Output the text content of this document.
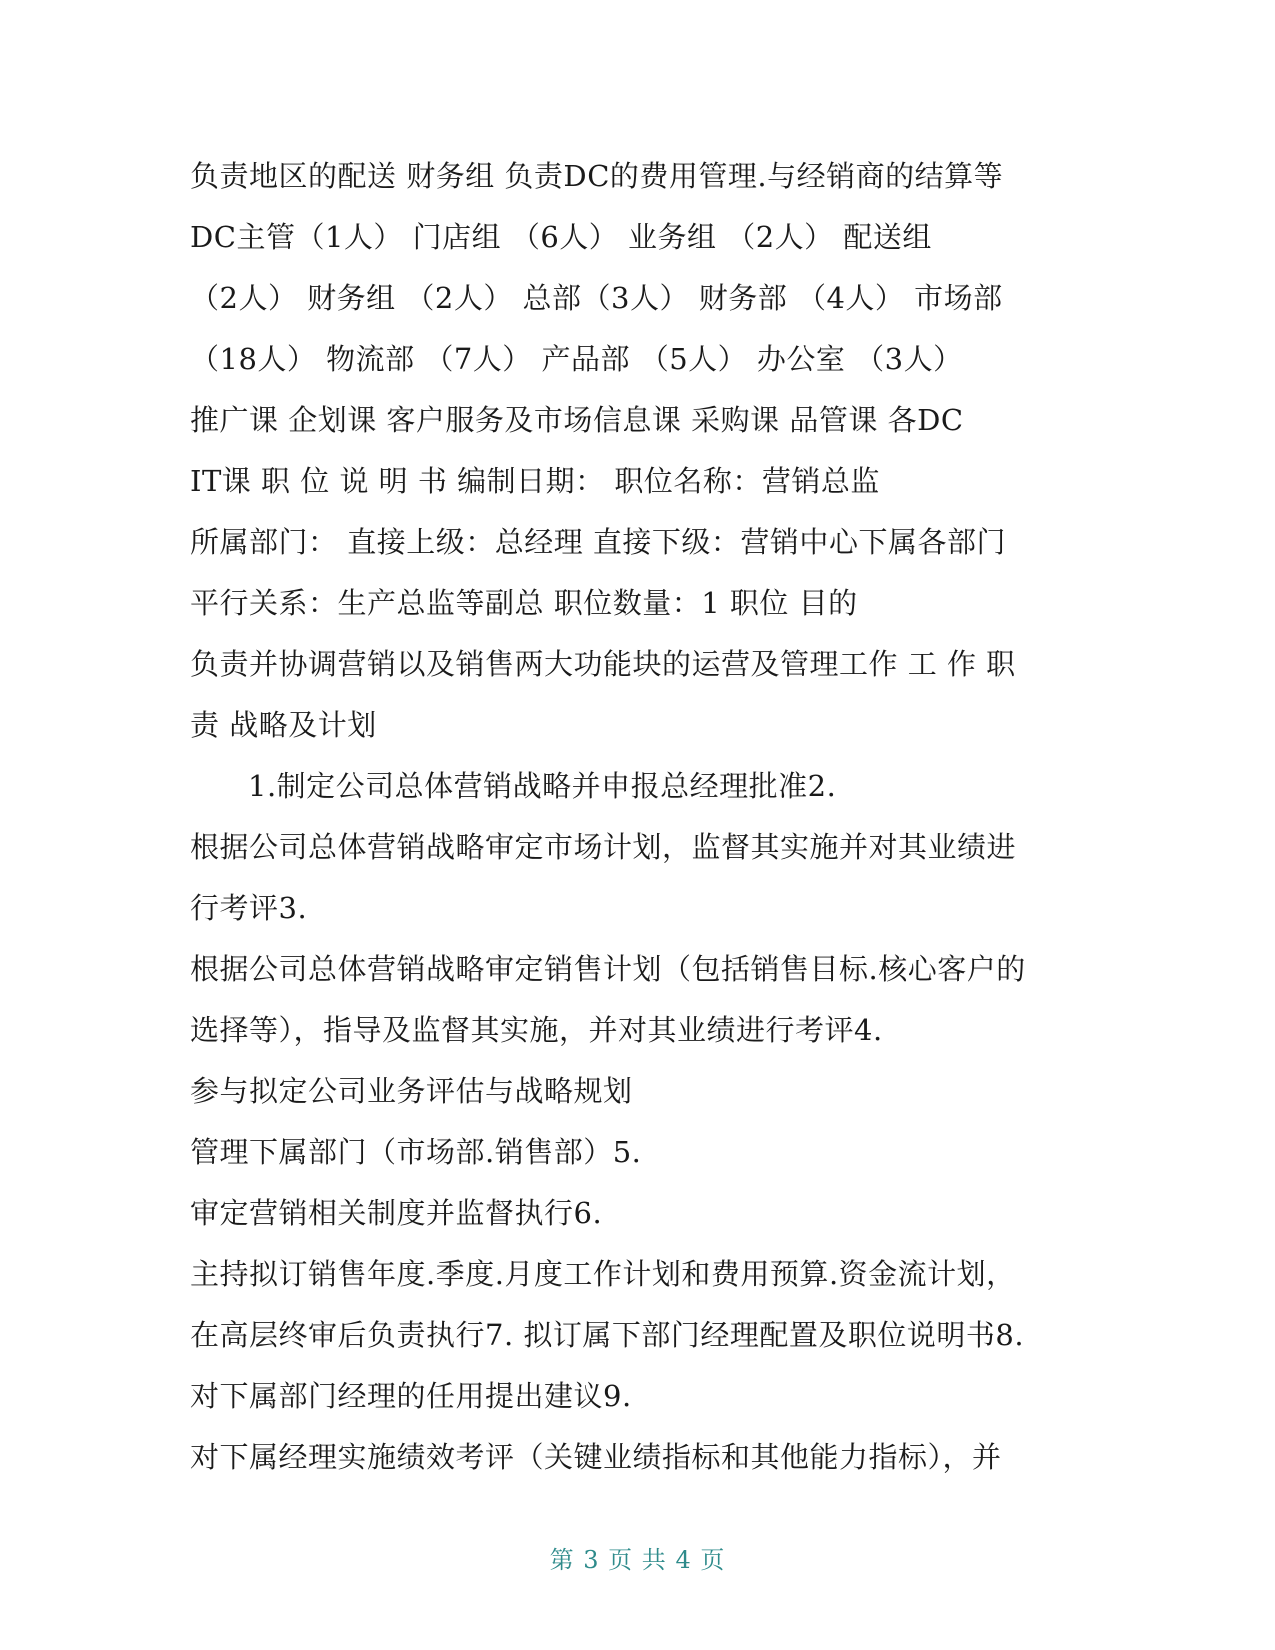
负责地区的配送 财务组 负责DC的费用管理.与经销商的结算等
DC主管（1人） 门店组 （6人） 业务组 （2人） 配送组
（2人） 财务组 （2人） 总部（3人） 财务部 （4人） 市场部
（18人） 物流部 （7人） 产品部 （5人） 办公室 （3人）
推广课 企划课 客户服务及市场信息课 采购课 品管课 各DC
IT课 职 位 说 明 书 编制日期： 职位名称：营销总监
所属部门： 直接上级：总经理 直接下级：营销中心下属各部门
平行关系：生产总监等副总 职位数量：1 职位 目的
负责并协调营销以及销售两大功能块的运营及管理工作 工 作 职
责 战略及计划
1.制定公司总体营销战略并申报总经理批准2.
根据公司总体营销战略审定市场计划，监督其实施并对其业绩进
行考评3.
根据公司总体营销战略审定销售计划（包括销售目标.核心客户的
选择等），指导及监督其实施，并对其业绩进行考评4.
参与拟定公司业务评估与战略规划
管理下属部门（市场部.销售部）5.
审定营销相关制度并监督执行6.
主持拟订销售年度.季度.月度工作计划和费用预算.资金流计划，
在高层终审后负责执行7. 拟订属下部门经理配置及职位说明书8.
对下属部门经理的任用提出建议9.
对下属经理实施绩效考评（关键业绩指标和其他能力指标），并
第 3 页 共 4 页
